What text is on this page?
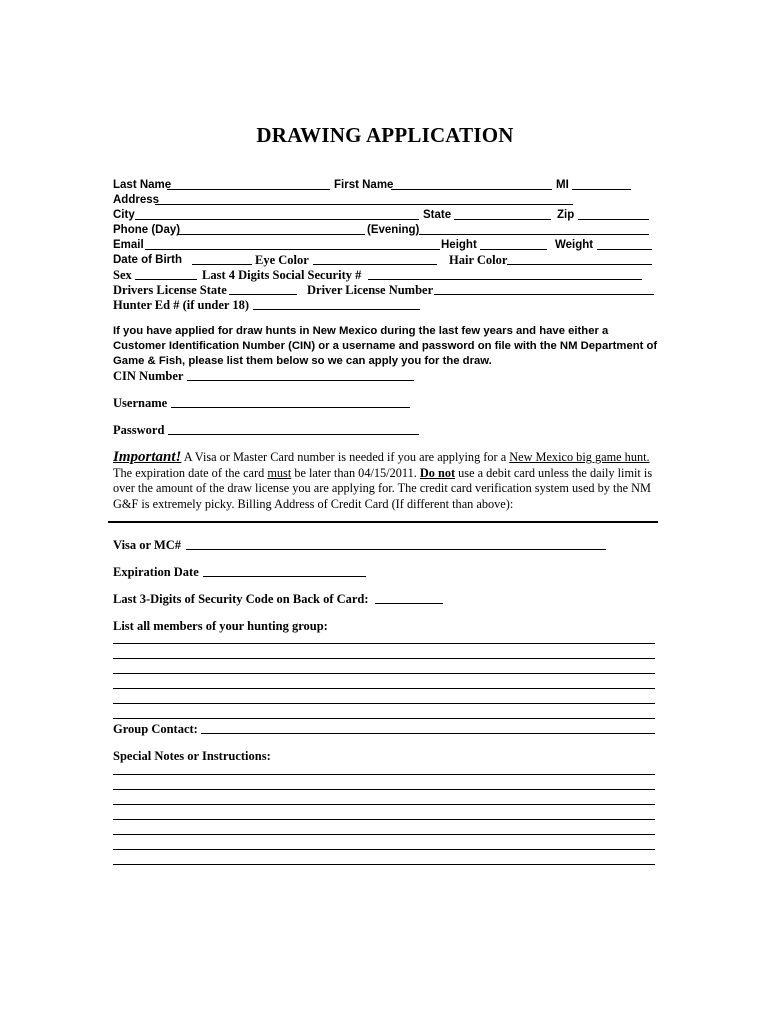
DRAWING APPLICATION
Last Name	First Name	MI
Address
City	State	Zip
Phone (Day)	(Evening)
Email	Height	Weight
Date of Birth	Eye Color	Hair Color
Sex	Last 4 Digits Social Security #
Drivers License State	Driver License Number
Hunter Ed # (if under 18)
If you have applied for draw hunts in New Mexico during the last few years and have either a Customer Identification Number (CIN) or a username and password on file with the NM Department of Game & Fish, please list them below so we can apply you for the draw.
CIN Number
Username
Password
Important! A Visa or Master Card number is needed if you are applying for a New Mexico big game hunt. The expiration date of the card must be later than 04/15/2011. Do not use a debit card unless the daily limit is over the amount of the draw license you are applying for. The credit card verification system used by the NM G&F is extremely picky. Billing Address of Credit Card (If different than above):
Visa or MC#
Expiration Date
Last 3-Digits of Security Code on Back of Card:
List all members of your hunting group:
Group Contact:
Special Notes or Instructions:
